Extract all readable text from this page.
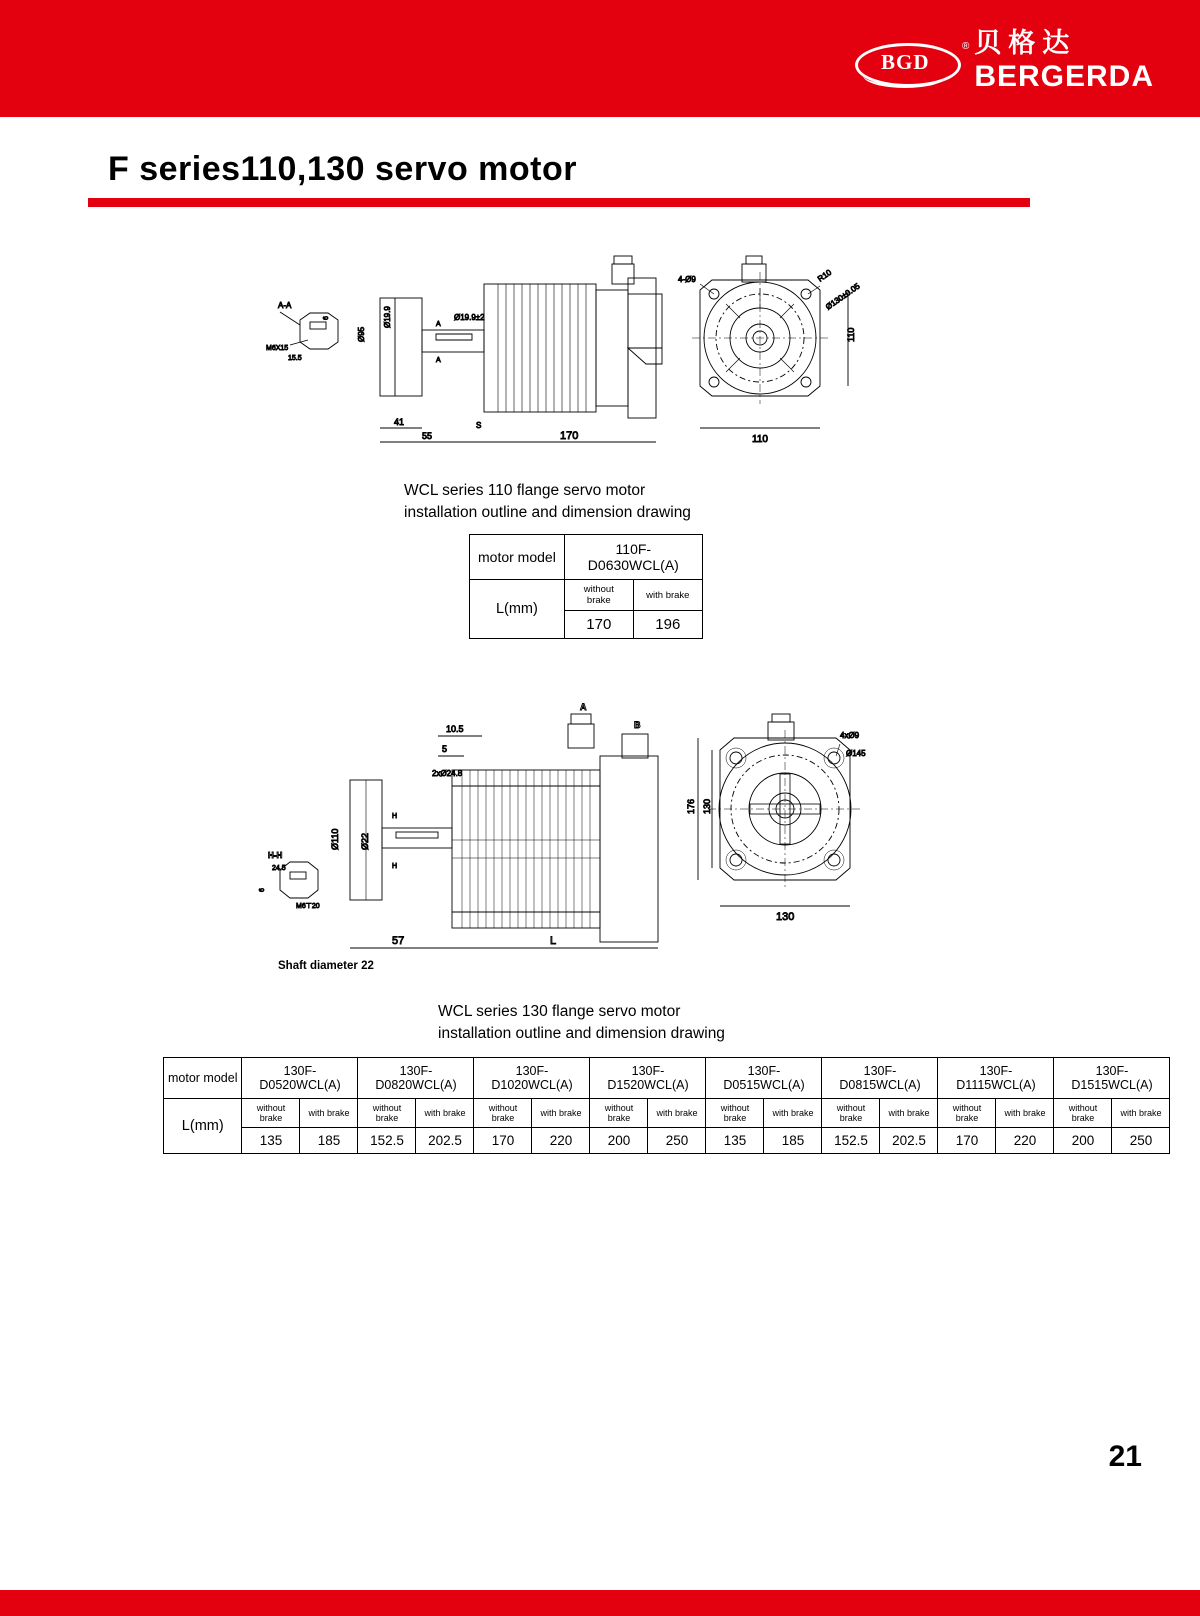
BGD
® 贝格达
BERGERDA
F series110,130 servo motor
41
55	170
S
A-A
M6X15
15.5
6
Ø95
Ø19.9	Ø19.9±2
A
A
4-Ø9	R10
Ø130±0.05
110
110
WCL series 110 flange servo motor
installation outline and dimension drawing
motor model	110F-D0630WCL(A)	
L(mm)	without brake	with brake
	170	196
H-H
24.5
6
M6⊤20
57	L
10.5
5
2xØ24.8
Ø110 Ø22
H
H
A
B
4xØ9
Ø145
176 130
130
Shaft diameter 22
WCL series 130 flange servo motor
installation outline and dimension drawing
motor model	130F-D0520WCL(A)		130F-D0820WCL(A)		130F-D1020WCL(A)		130F-D1520WCL(A)		130F-D0515WCL(A)		130F-D0815WCL(A)		130F-D1115WCL(A)		130F-D1515WCL(A)	
L(mm)	without brake	with brake	without brake	with brake	without brake	with brake	without brake	with brake	without brake	with brake	without brake	with brake	without brake	with brake	without brake	with brake
	135	185	152.5	202.5	170	220	200	250	135	185	152.5	202.5	170	220	200	250
21
